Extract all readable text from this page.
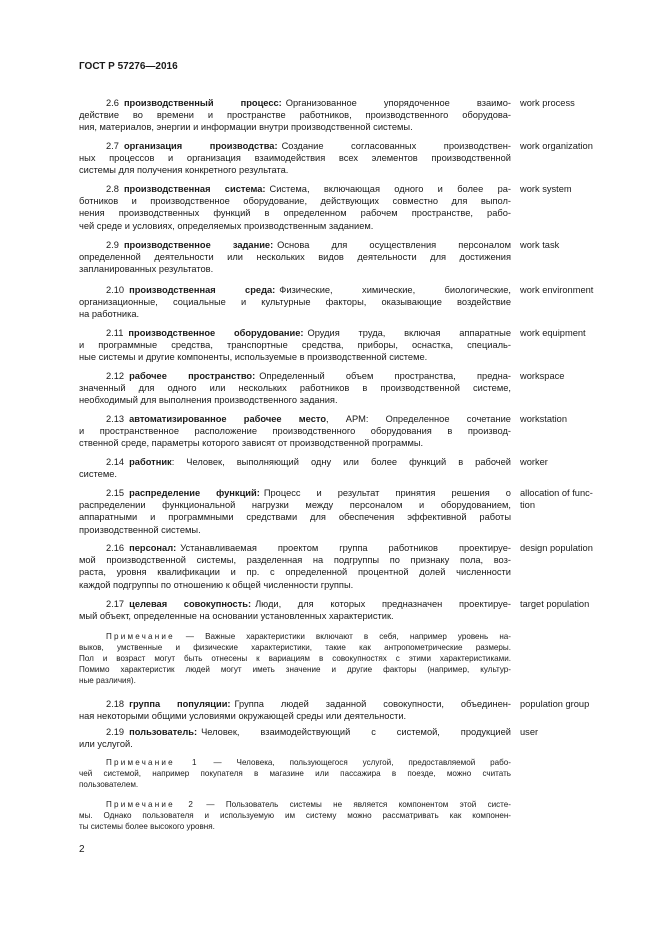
ГОСТ Р 57276—2016
2
2.6 производственный процесс: Организованное упорядоченное взаимо-
действие во времени и пространстве работников, производственного оборудова-
ния, материалов, энергии и информации внутри производственной системы.
work process
2.7 организация производства: Создание согласованных производствен-
ных процессов и организация взаимодействия всех элементов производственной
системы для получения конкретного результата.
work organization
2.8 производственная система: Система, включающая одного и более ра-
ботников и производственное оборудование, действующих совместно для выпол-
нения производственных функций в определенном рабочем пространстве, рабо-
чей среде и условиях, определяемых производственным заданием.
work system
2.9 производственное задание: Основа для осуществления персоналом
определенной деятельности или нескольких видов деятельности для достижения
запланированных результатов.
work task
2.10 производственная среда: Физические, химические, биологические,
организационные, социальные и культурные факторы, оказывающие воздействие
на работника.
work environment
2.11 производственное оборудование: Орудия труда, включая аппаратные
и программные средства, транспортные средства, приборы, оснастка, специаль-
ные системы и другие компоненты, используемые в производственной системе.
work equipment
2.12 рабочее пространство: Определенный объем пространства, предна-
значенный для одного или нескольких работников в производственной системе,
необходимый для выполнения производственного задания.
workspace
2.13 автоматизированное рабочее место, АРМ: Определенное сочетание
и пространственное расположение производственного оборудования в производ-
ственной среде, параметры которого зависят от производственной программы.
workstation
2.14 работник: Человек, выполняющий одну или более функций в рабочей
системе.
worker
2.15 распределение функций: Процесс и результат принятия решения о
распределении функциональной нагрузки между персоналом и оборудованием,
аппаратными и программными средствами для обеспечения эффективной работы
производственной системы.
allocation of func-
tion
2.16 персонал: Устанавливаемая проектом группа работников проектируе-
мой производственной системы, разделенная на подгруппы по признаку пола, воз-
раста, уровня квалификации и пр. с определенной процентной долей численности
каждой подгруппы по отношению к общей численности группы.
design population
2.17 целевая совокупность: Люди, для которых предназначен проектируе-
мый объект, определенные на основании установленных характеристик.
target population
2.18 группа популяции: Группа людей заданной совокупности, объединен-
ная некоторыми общими условиями окружающей среды или деятельности.
population group
2.19 пользователь: Человек, взаимодействующий с системой, продукцией
или услугой.
user
Примечание — Важные характеристики включают в себя, например уровень на-
выков, умственные и физические характеристики, такие как антропометрические размеры.
Пол и возраст могут быть отнесены к вариациям в совокупностях с этими характеристиками.
Помимо характеристик людей могут иметь значение и другие факторы (например, культур-
ные различия).
Примечание 1 — Человека, пользующегося услугой, предоставляемой рабо-
чей системой, например покупателя в магазине или пассажира в поезде, можно считать
пользователем.
Примечание 2 — Пользователь системы не является компонентом этой систе-
мы. Однако пользователя и используемую им систему можно рассматривать как компонен-
ты системы более высокого уровня.
